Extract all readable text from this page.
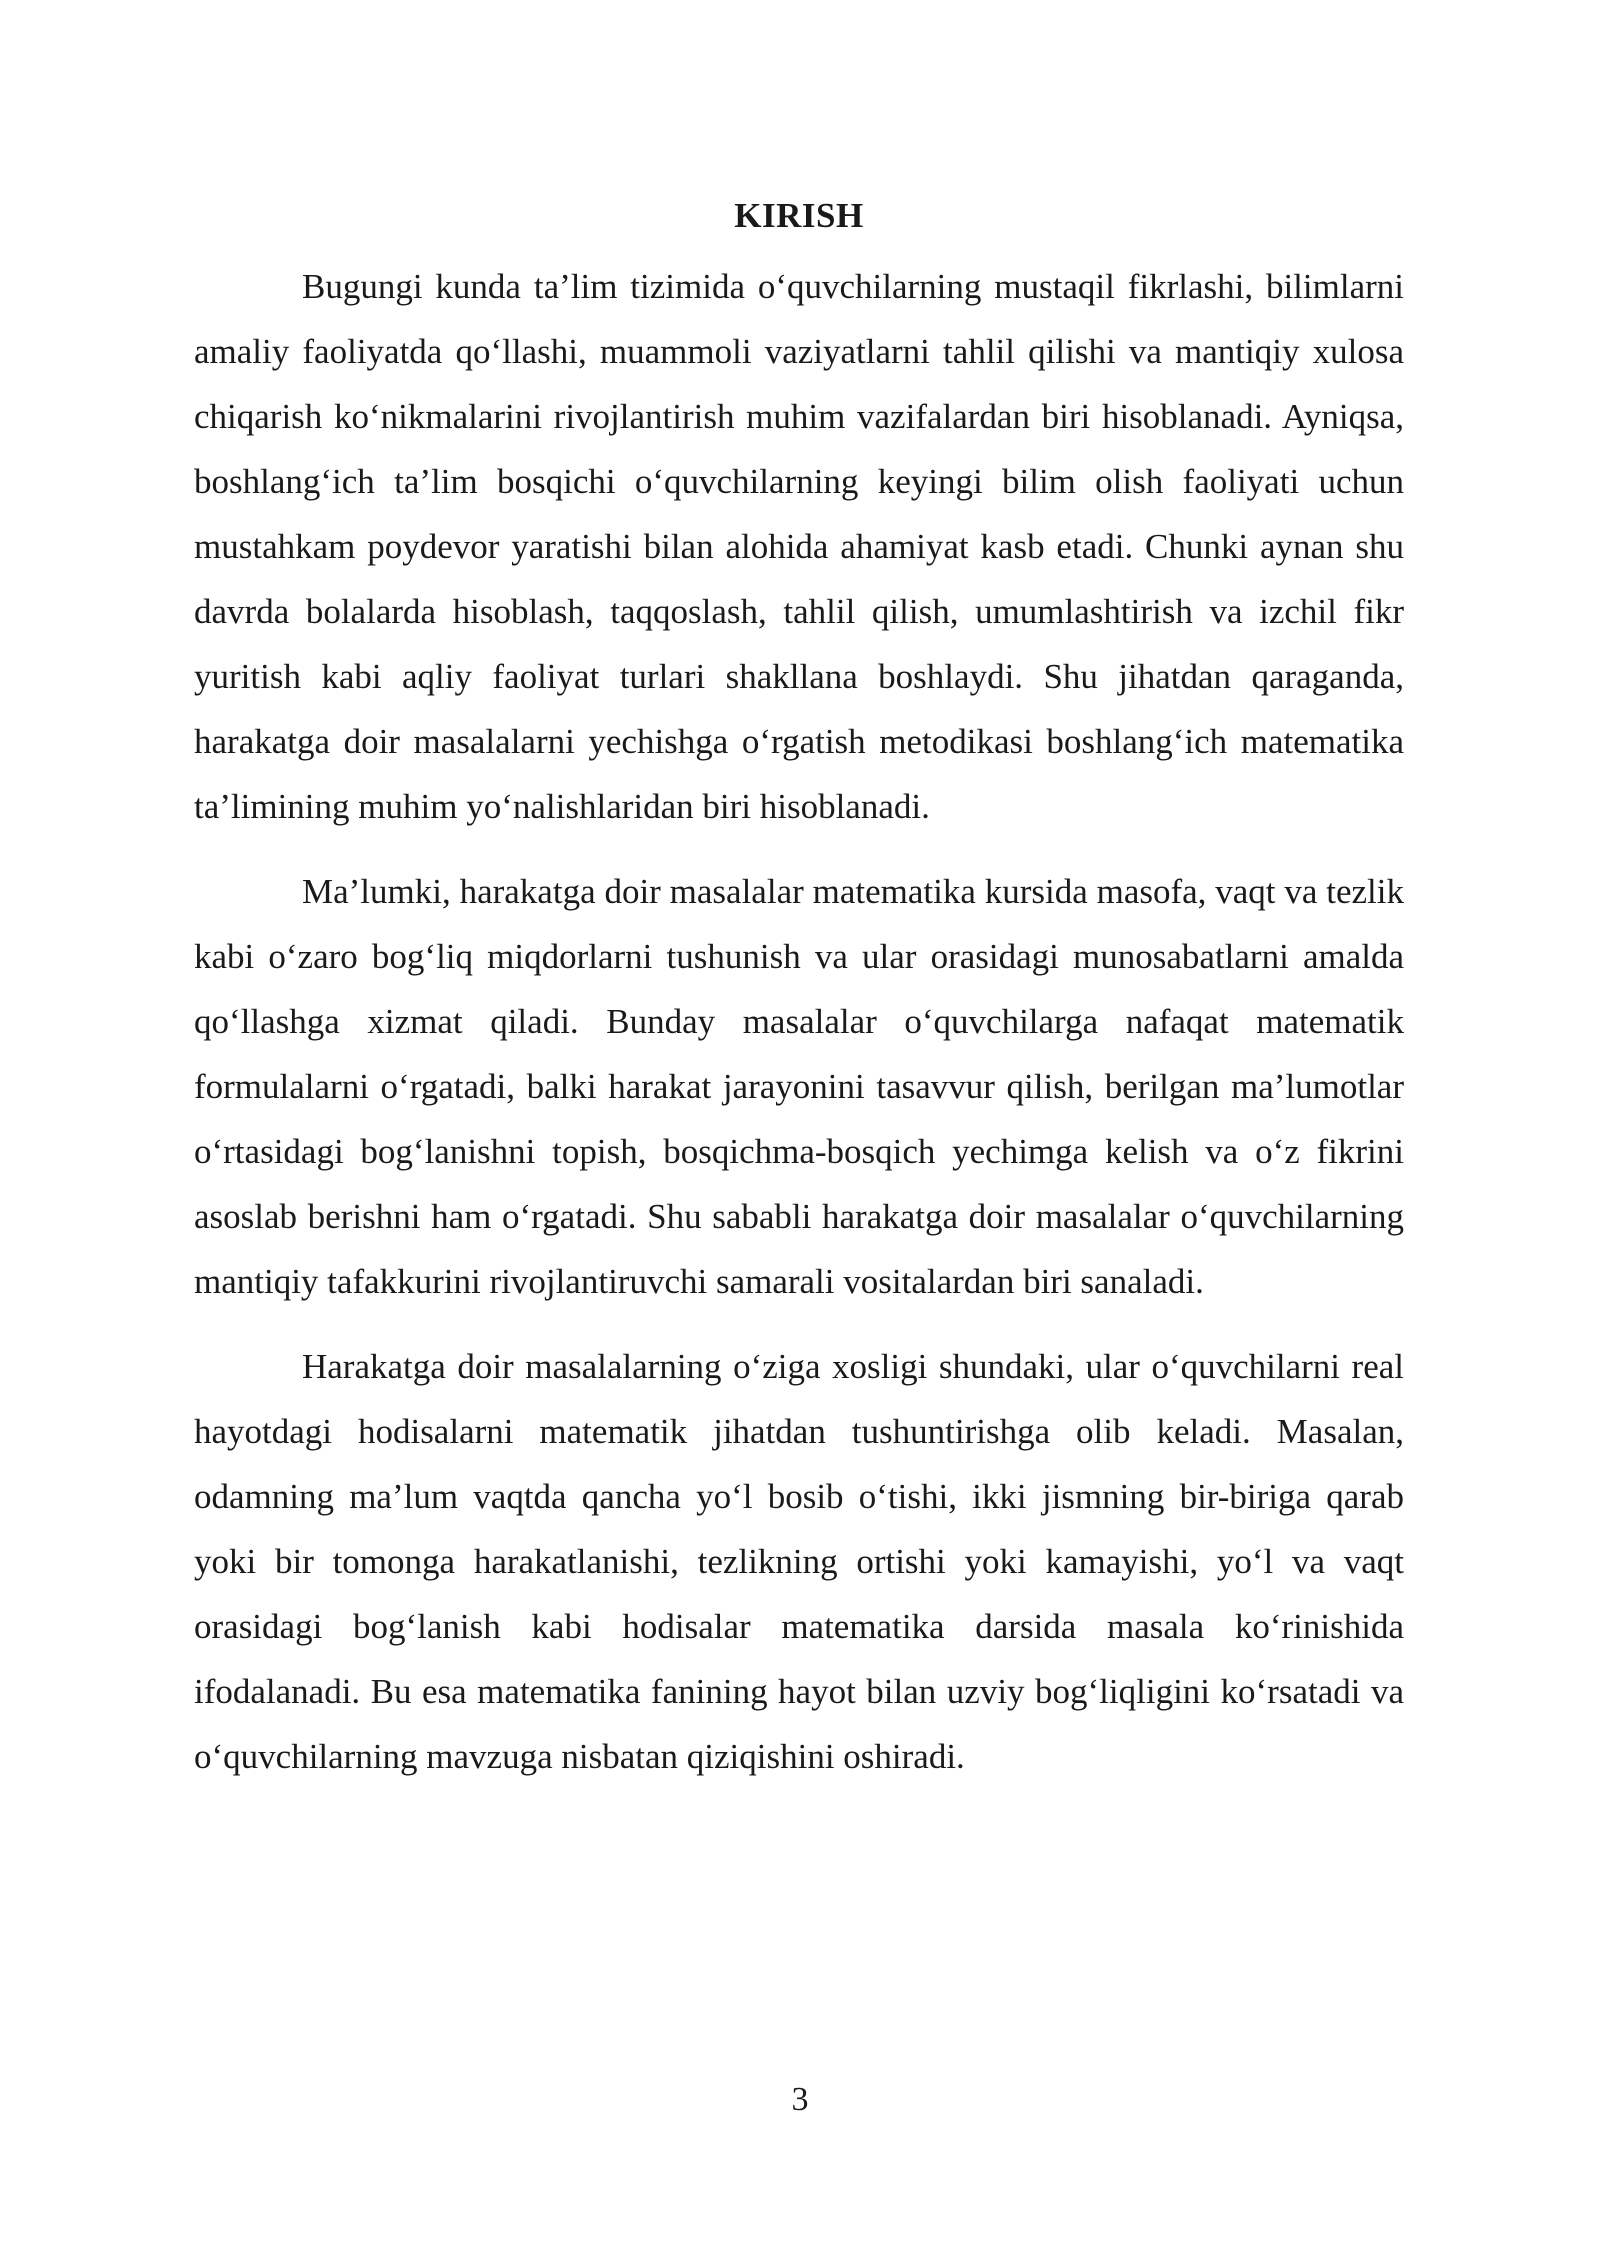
KIRISH

Bugungi kunda ta’lim tizimida o‘quvchilarning mustaqil fikrlashi, bilimlarni amaliy faoliyatda qo‘llashi, muammoli vaziyatlarni tahlil qilishi va mantiqiy xulosa chiqarish ko‘nikmalarini rivojlantirish muhim vazifalardan biri hisoblanadi. Ayniqsa, boshlang‘ich ta’lim bosqichi o‘quvchilarning keyingi bilim olish faoliyati uchun mustahkam poydevor yaratishi bilan alohida ahamiyat kasb etadi. Chunki aynan shu davrda bolalarda hisoblash, taqqoslash, tahlil qilish, umumlashtirish va izchil fikr yuritish kabi aqliy faoliyat turlari shakllana boshlaydi. Shu jihatdan qaraganda, harakatga doir masalalarni yechishga o‘rgatish metodikasi boshlang‘ich matematika ta’limining muhim yo‘nalishlaridan biri hisoblanadi.

Ma’lumki, harakatga doir masalalar matematika kursida masofa, vaqt va tezlik kabi o‘zaro bog‘liq miqdorlarni tushunish va ular orasidagi munosabatlarni amalda qo‘llashga xizmat qiladi. Bunday masalalar o‘quvchilarga nafaqat matematik formulalarni o‘rgatadi, balki harakat jarayonini tasavvur qilish, berilgan ma’lumotlar o‘rtasidagi bog‘lanishni topish, bosqichma-bosqich yechimga kelish va o‘z fikrini asoslab berishni ham o‘rgatadi. Shu sababli harakatga doir masalalar o‘quvchilarning mantiqiy tafakkurini rivojlantiruvchi samarali vositalardan biri sanaladi.

Harakatga doir masalalarning o‘ziga xosligi shundaki, ular o‘quvchilarni real hayotdagi hodisalarni matematik jihatdan tushuntirishga olib keladi. Masalan, odamning ma’lum vaqtda qancha yo‘l bosib o‘tishi, ikki jismning bir-biriga qarab yoki bir tomonga harakatlanishi, tezlikning ortishi yoki kamayishi, yo‘l va vaqt orasidagi bog‘lanish kabi hodisalar matematika darsida masala ko‘rinishida ifodalanadi. Bu esa matematika fanining hayot bilan uzviy bog‘liqligini ko‘rsatadi va o‘quvchilarning mavzuga nisbatan qiziqishini oshiradi.

3
